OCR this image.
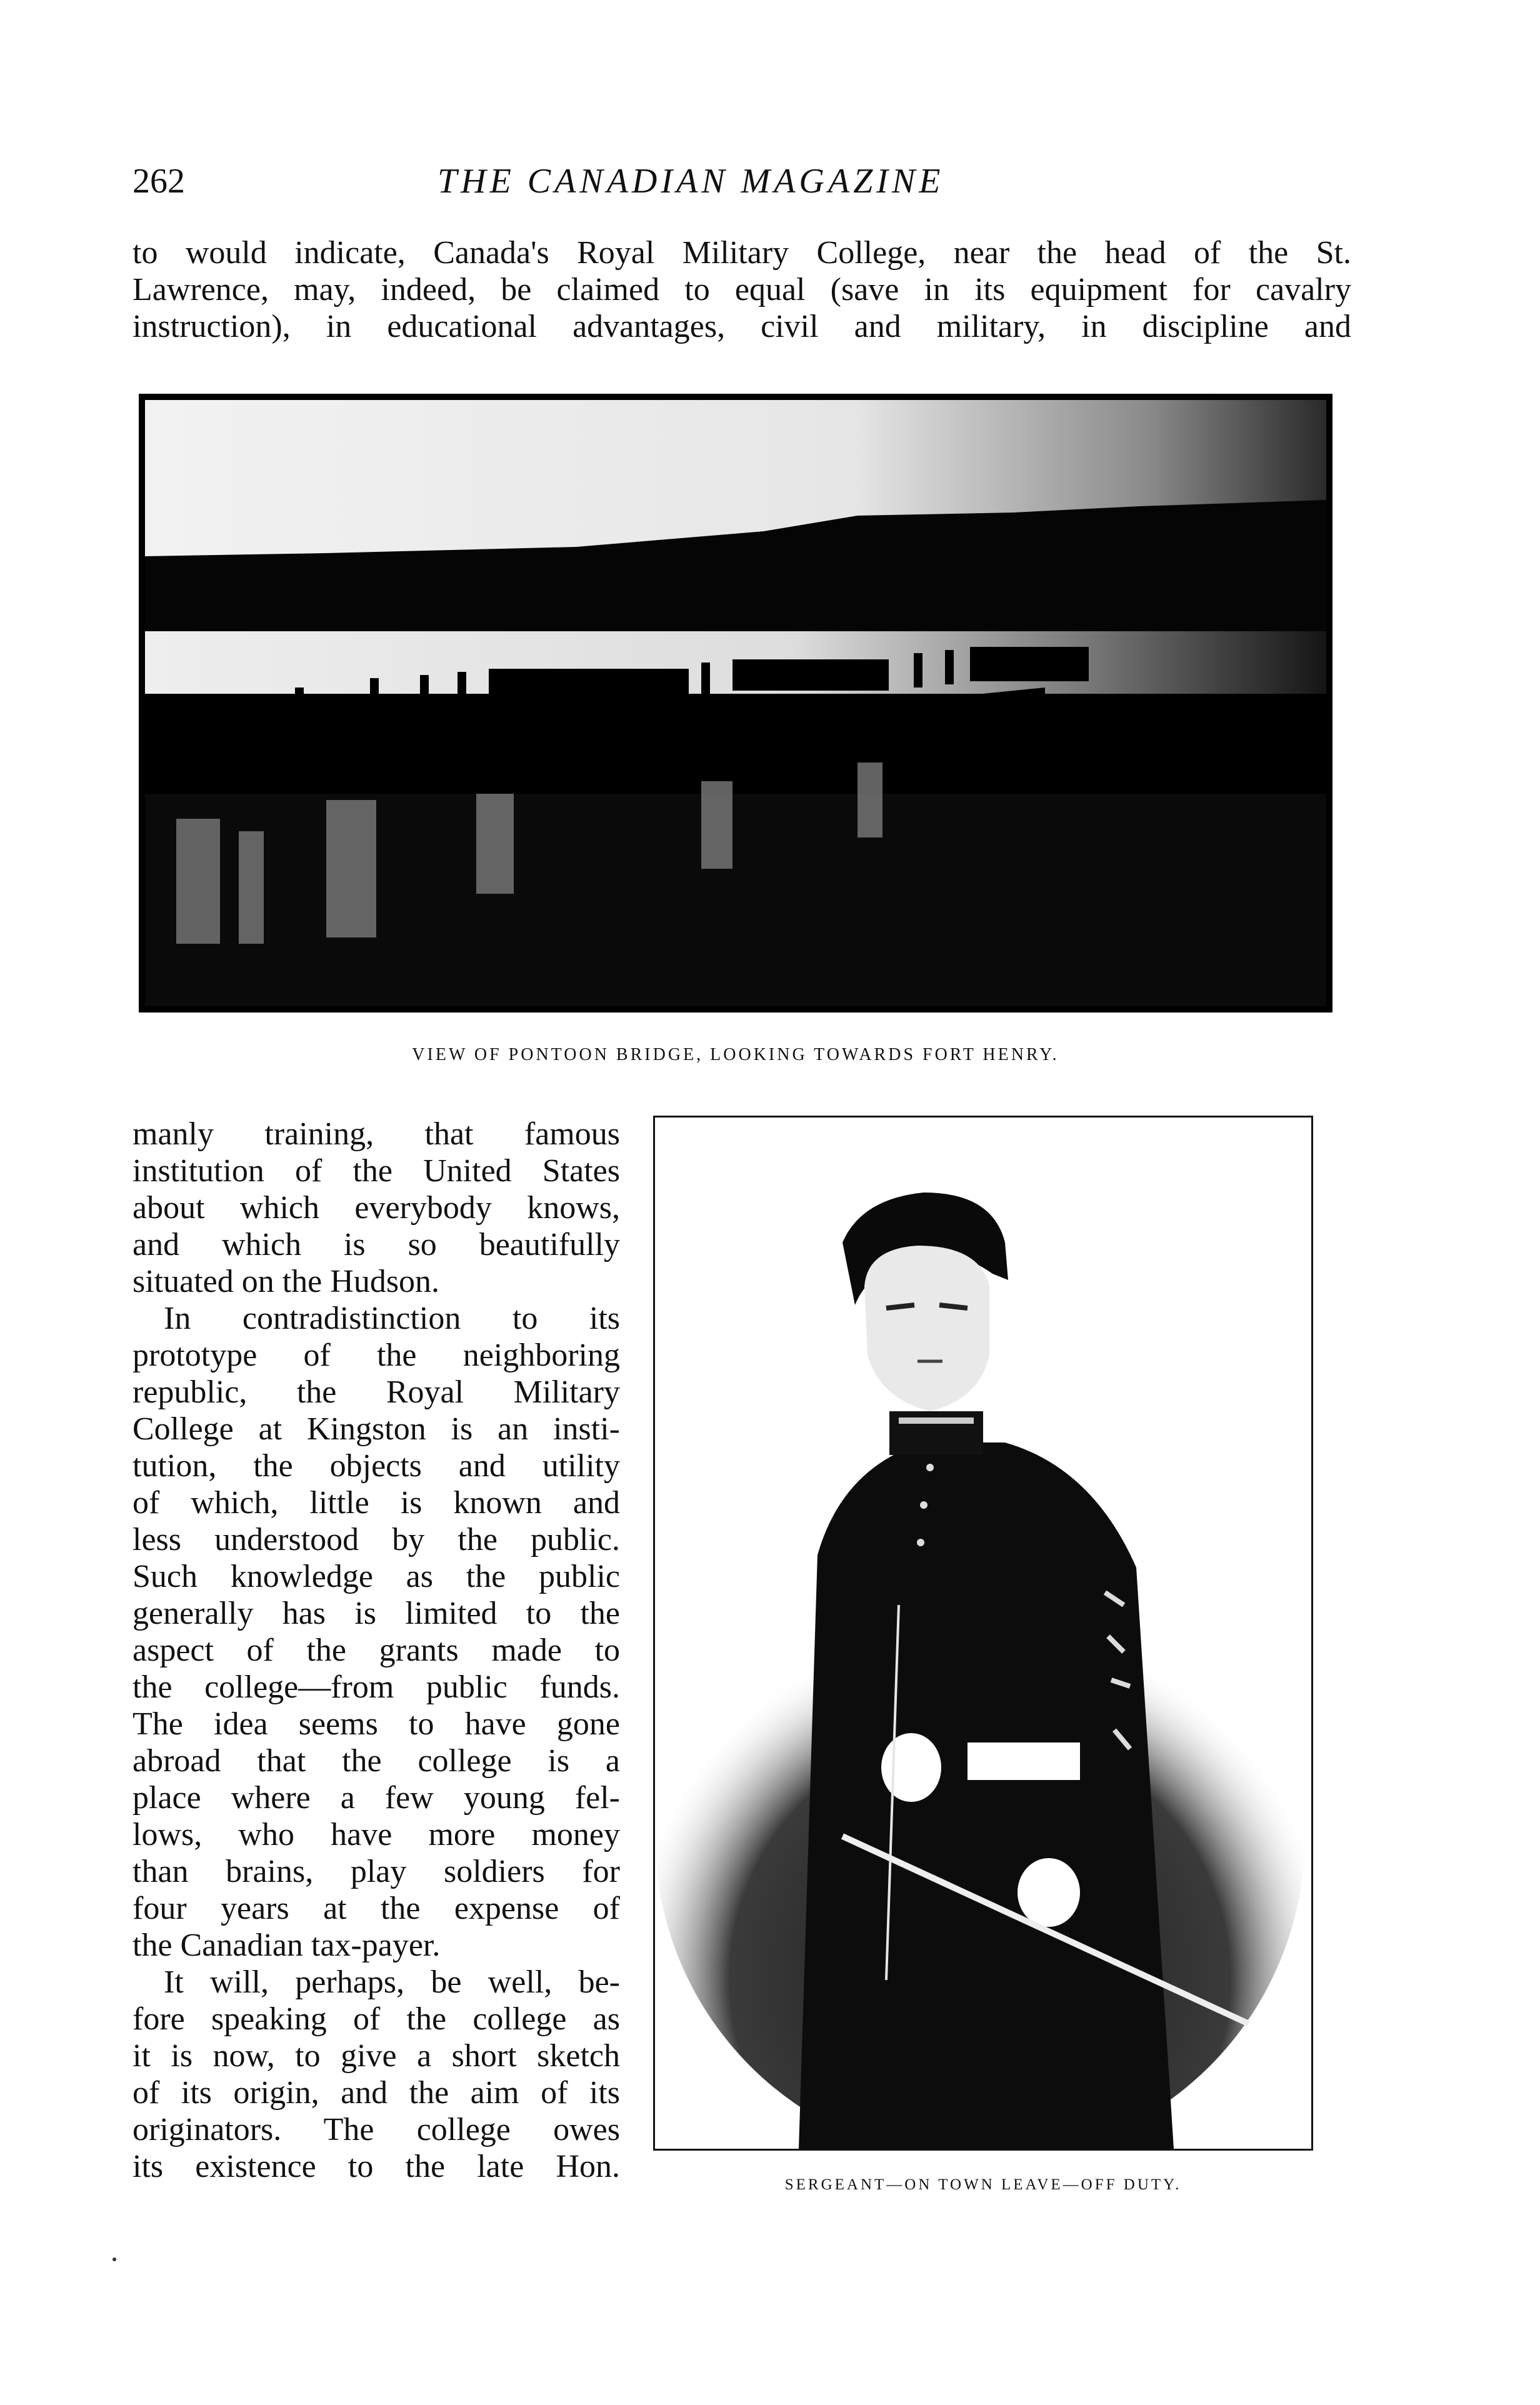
262	THE CANADIAN MAGAZINE
to would indicate, Canada's Royal Military College, near the head of the St.
Lawrence, may, indeed, be claimed to equal (save in its equipment for cavalry
instruction), in educational advantages, civil and military, in discipline and
VIEW OF PONTOON BRIDGE, LOOKING TOWARDS FORT HENRY.
manly training, that famous
institution of the United States
about which everybody knows,
and which is so beautifully
situated on the Hudson.
In contradistinction to its
prototype of the neighboring
republic, the Royal Military
College at Kingston is an insti-
tution, the objects and utility
of which, little is known and
less understood by the public.
Such knowledge as the public
generally has is limited to the
aspect of the grants made to
the college—from public funds.
The idea seems to have gone
abroad that the college is a
place where a few young fel-
lows, who have more money
than brains, play soldiers for
four years at the expense of
the Canadian tax-payer.
It will, perhaps, be well, be-
fore speaking of the college as
it is now, to give a short sketch
of its origin, and the aim of its
originators. The college owes
its existence to the late Hon.
SERGEANT—ON TOWN LEAVE—OFF DUTY.
